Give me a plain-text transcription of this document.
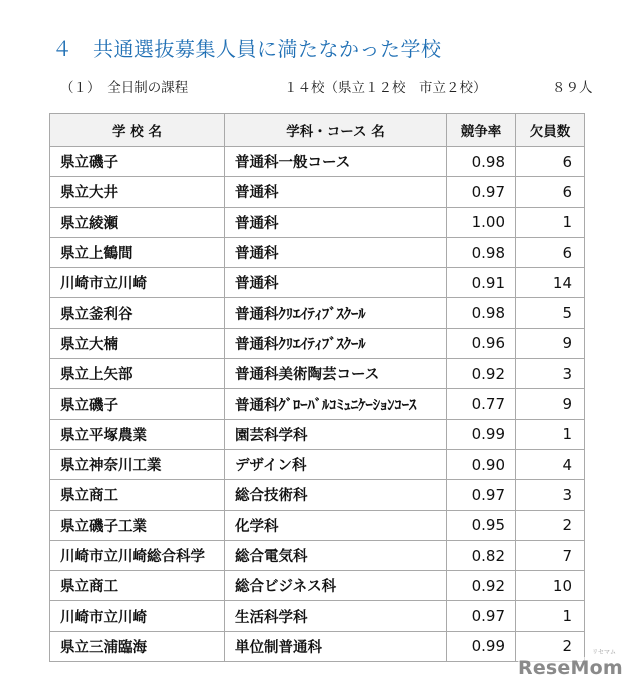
４　共通選抜募集人員に満たなかった学校
（１）　全日制の課程	１４校（県立１２校　市立２校）	８９人
学 校 名	学科・コース 名	競争率	欠員数
県立磯子	普通科一般コース	0.98	6
県立大井	普通科	0.97	6
県立綾瀬	普通科	1.00	1
県立上鶴間	普通科	0.98	6
川崎市立川崎	普通科	0.91	14
県立釜利谷	普通科ｸﾘｴｲﾃｨﾌﾞｽｸｰﾙ	0.98	5
県立大楠	普通科ｸﾘｴｲﾃｨﾌﾞｽｸｰﾙ	0.96	9
県立上矢部	普通科美術陶芸コース	0.92	3
県立磯子	普通科ｸﾞﾛｰﾊﾞﾙｺﾐｭﾆｹｰｼｮﾝｺｰｽ	0.77	9
県立平塚農業	園芸科学科	0.99	1
県立神奈川工業	デザイン科	0.90	4
県立商工	総合技術科	0.97	3
県立磯子工業	化学科	0.95	2
川崎市立川崎総合科学	総合電気科	0.82	7
県立商工	総合ビジネス科	0.92	10
川崎市立川崎	生活科学科	0.97	1
県立三浦臨海	単位制普通科	0.99	2
ReseMom
リセマム
